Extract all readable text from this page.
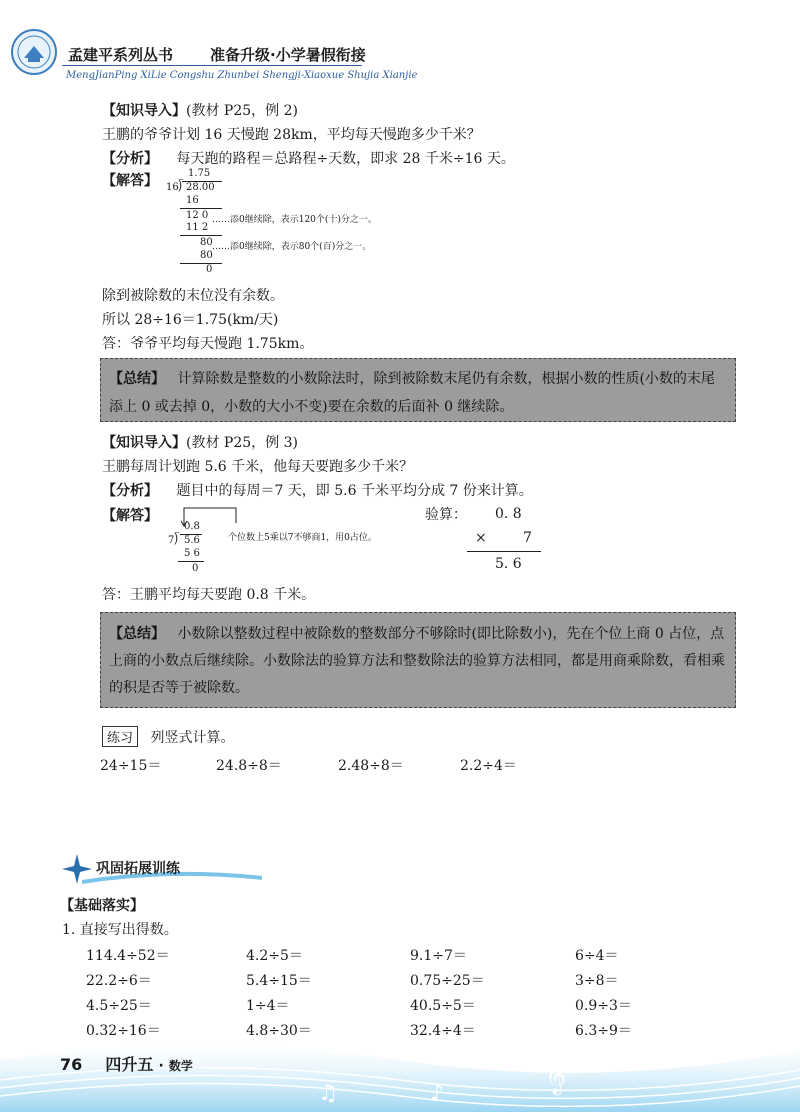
孟建平系列丛书 准备升级·小学暑假衔接
MengJianPing XiLie Congshu Zhunbei Shengji-Xiaoxue Shujia Xianjie
【知识导入】(教材 P25，例 2)
王鹏的爷爷计划 16 天慢跑 28km，平均每天慢跑多少千米？
【分析】 每天跑的路程＝总路程÷天数，即求 28 千米÷16 天。
【解答】	1.75
16 ⟌ 28.00
16
12 0 ……添0继续除，表示120个(十)分之一。
11 2
80 ……添0继续除，表示80个(百)分之一。
80
0
除到被除数的末位没有余数。
所以 28÷16＝1.75(km/天)
答：爷爷平均每天慢跑 1.75km。
【总结】 计算除数是整数的小数除法时，除到被除数末尾仍有余数，根据小数的性质(小数的末尾添上 0 或去掉 0，小数的大小不变)要在余数的后面补 0 继续除。
【知识导入】(教材 P25，例 3)
王鹏每周计划跑 5.6 千米，他每天要跑多少千米？
【分析】 题目中的每周＝7 天，即 5.6 千米平均分成 7 份来计算。
【解答】
0.8
7 ⟌ 5.6
5 6
0
个位数上5乘以7不够商1，用0占位。
验算： 0. 8
×	7
5. 6
答：王鹏平均每天要跑 0.8 千米。
【总结】 小数除以整数过程中被除数的整数部分不够除时(即比除数小)，先在个位上商 0 占位，点上商的小数点后继续除。小数除法的验算方法和整数除法的验算方法相同，都是用商乘除数，看相乘的积是否等于被除数。
练习 列竖式计算。
24÷15＝	24.8÷8＝	2.48÷8＝	2.2÷4＝
巩固拓展训练
【基础落实】
1. 直接写出得数。
114.4÷52＝	4.2÷5＝	9.1÷7＝	6÷4＝
22.2÷6＝	5.4÷15＝	0.75÷25＝	3÷8＝
4.5÷25＝	1÷4＝	40.5÷5＝	0.9÷3＝
0.32÷16＝	4.8÷30＝	32.4÷4＝	6.3÷9＝
𝄞
♫	♪
♫
76 四升五 · 数学
